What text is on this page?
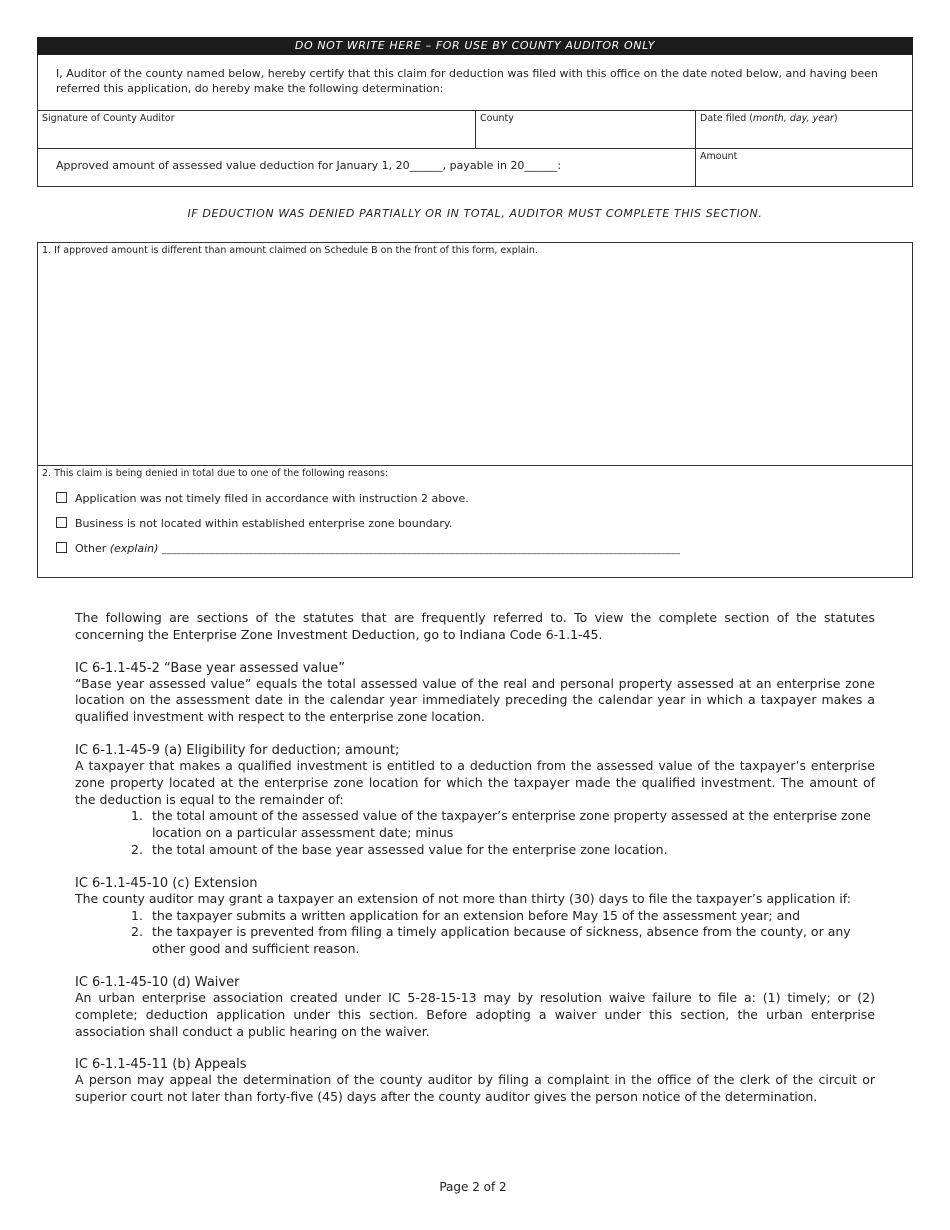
DO NOT WRITE HERE – FOR USE BY COUNTY AUDITOR ONLY
I, Auditor of the county named below, hereby certify that this claim for deduction was filed with this office on the date noted below, and having been referred this application, do hereby make the following determination:
Signature of County Auditor	County	Date filed (month, day, year)
Approved amount of assessed value deduction for January 1, 20______, payable in 20______:
Amount
IF DEDUCTION WAS DENIED PARTIALLY OR IN TOTAL, AUDITOR MUST COMPLETE THIS SECTION.
1. If approved amount is different than amount claimed on Schedule B on the front of this form, explain.
2. This claim is being denied in total due to one of the following reasons:
Application was not timely filed in accordance with instruction 2 above.
Business is not located within established enterprise zone boundary.
Other (explain) ____________________________________________________________________________________________________________
The following are sections of the statutes that are frequently referred to. To view the complete section of the statutes concerning the Enterprise Zone Investment Deduction, go to Indiana Code 6-1.1-45.
IC 6-1.1-45-2 “Base year assessed value”
“Base year assessed value” equals the total assessed value of the real and personal property assessed at an enterprise zone location on the assessment date in the calendar year immediately preceding the calendar year in which a taxpayer makes a qualified investment with respect to the enterprise zone location.
IC 6-1.1-45-9 (a) Eligibility for deduction; amount;
A taxpayer that makes a qualified investment is entitled to a deduction from the assessed value of the taxpayer’s enterprise zone property located at the enterprise zone location for which the taxpayer made the qualified investment. The amount of the deduction is equal to the remainder of:
1. the total amount of the assessed value of the taxpayer’s enterprise zone property assessed at the enterprise zone location on a particular assessment date; minus
2. the total amount of the base year assessed value for the enterprise zone location.
IC 6-1.1-45-10 (c) Extension
The county auditor may grant a taxpayer an extension of not more than thirty (30) days to file the taxpayer’s application if:
1. the taxpayer submits a written application for an extension before May 15 of the assessment year; and
2. the taxpayer is prevented from filing a timely application because of sickness, absence from the county, or any other good and sufficient reason.
IC 6-1.1-45-10 (d) Waiver
An urban enterprise association created under IC 5-28-15-13 may by resolution waive failure to file a: (1) timely; or (2) complete; deduction application under this section. Before adopting a waiver under this section, the urban enterprise association shall conduct a public hearing on the waiver.
IC 6-1.1-45-11 (b) Appeals
A person may appeal the determination of the county auditor by filing a complaint in the office of the clerk of the circuit or superior court not later than forty-five (45) days after the county auditor gives the person notice of the determination.
Page 2 of 2
